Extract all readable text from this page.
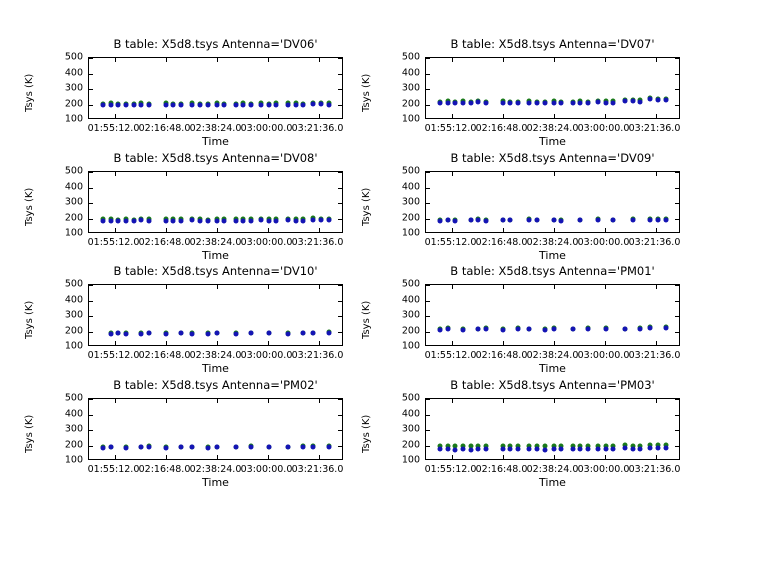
B table: X5d8.tsys Antenna='DV06'
100
200
300
400
500
01:55:12.0 02:16:48.0 02:38:24.0 03:00:00.0 03:21:36.0
Tsys (K)
Time
B table: X5d8.tsys Antenna='DV07'
100
200
300
400
500
01:55:12.0 02:16:48.0 02:38:24.0 03:00:00.0 03:21:36.0
Tsys (K)
Time
B table: X5d8.tsys Antenna='DV08'
100
200
300
400
500
01:55:12.0 02:16:48.0 02:38:24.0 03:00:00.0 03:21:36.0
Tsys (K)
Time
B table: X5d8.tsys Antenna='DV09'
100
200
300
400
500
01:55:12.0 02:16:48.0 02:38:24.0 03:00:00.0 03:21:36.0
Tsys (K)
Time
B table: X5d8.tsys Antenna='DV10'
100
200
300
400
500
01:55:12.0 02:16:48.0 02:38:24.0 03:00:00.0 03:21:36.0
Tsys (K)
Time
B table: X5d8.tsys Antenna='PM01'
100
200
300
400
500
01:55:12.0 02:16:48.0 02:38:24.0 03:00:00.0 03:21:36.0
Tsys (K)
Time
B table: X5d8.tsys Antenna='PM02'
100
200
300
400
500
01:55:12.0 02:16:48.0 02:38:24.0 03:00:00.0 03:21:36.0
Tsys (K)
Time
B table: X5d8.tsys Antenna='PM03'
100
200
300
400
500
01:55:12.0 02:16:48.0 02:38:24.0 03:00:00.0 03:21:36.0
Tsys (K)
Time
